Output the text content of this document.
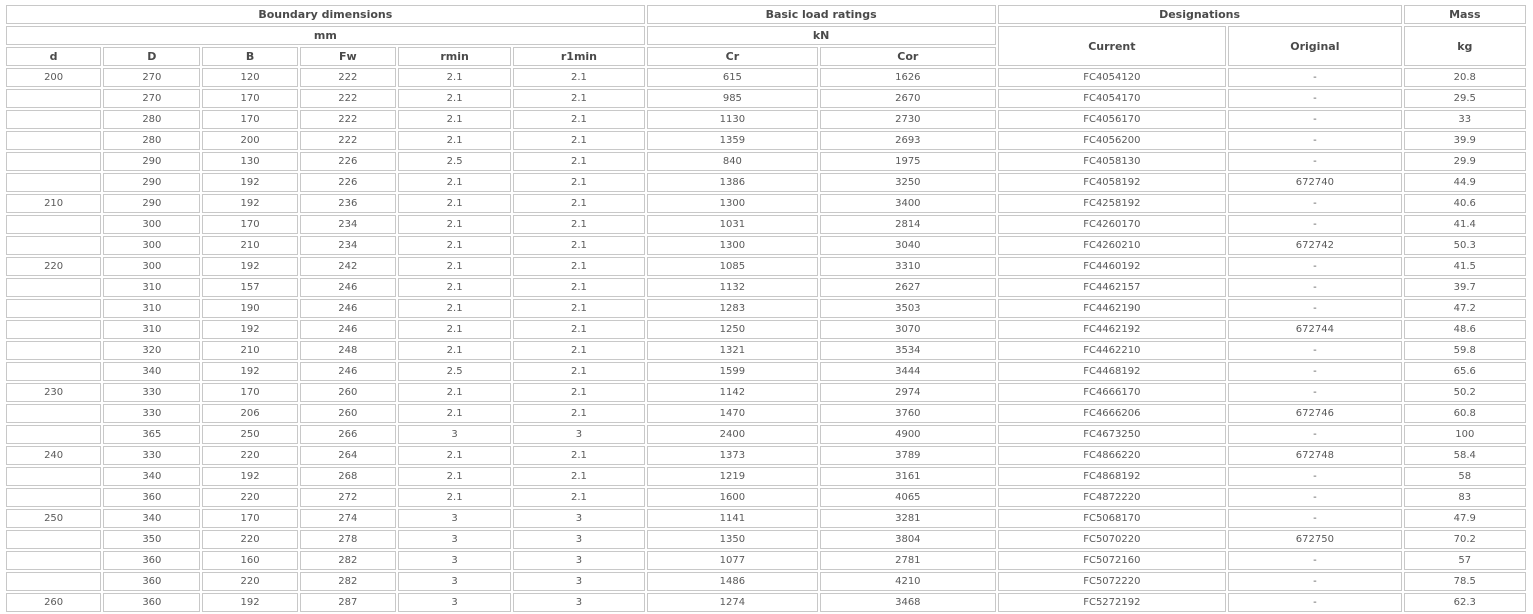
Boundary dimensions						Basic load ratings		Designations		Mass
mm						kN		Current	Original	kg
d	D	B	Fw	rmin	r1min	Cr	Cor			
200	270	120	222	2.1	2.1	615	1626	FC4054120	-	20.8
	270	170	222	2.1	2.1	985	2670	FC4054170	-	29.5
	280	170	222	2.1	2.1	1130	2730	FC4056170	-	33
	280	200	222	2.1	2.1	1359	2693	FC4056200	-	39.9
	290	130	226	2.5	2.1	840	1975	FC4058130	-	29.9
	290	192	226	2.1	2.1	1386	3250	FC4058192	672740	44.9
210	290	192	236	2.1	2.1	1300	3400	FC4258192	-	40.6
	300	170	234	2.1	2.1	1031	2814	FC4260170	-	41.4
	300	210	234	2.1	2.1	1300	3040	FC4260210	672742	50.3
220	300	192	242	2.1	2.1	1085	3310	FC4460192	-	41.5
	310	157	246	2.1	2.1	1132	2627	FC4462157	-	39.7
	310	190	246	2.1	2.1	1283	3503	FC4462190	-	47.2
	310	192	246	2.1	2.1	1250	3070	FC4462192	672744	48.6
	320	210	248	2.1	2.1	1321	3534	FC4462210	-	59.8
	340	192	246	2.5	2.1	1599	3444	FC4468192	-	65.6
230	330	170	260	2.1	2.1	1142	2974	FC4666170	-	50.2
	330	206	260	2.1	2.1	1470	3760	FC4666206	672746	60.8
	365	250	266	3	3	2400	4900	FC4673250	-	100
240	330	220	264	2.1	2.1	1373	3789	FC4866220	672748	58.4
	340	192	268	2.1	2.1	1219	3161	FC4868192	-	58
	360	220	272	2.1	2.1	1600	4065	FC4872220	-	83
250	340	170	274	3	3	1141	3281	FC5068170	-	47.9
	350	220	278	3	3	1350	3804	FC5070220	672750	70.2
	360	160	282	3	3	1077	2781	FC5072160	-	57
	360	220	282	3	3	1486	4210	FC5072220	-	78.5
260	360	192	287	3	3	1274	3468	FC5272192	-	62.3
